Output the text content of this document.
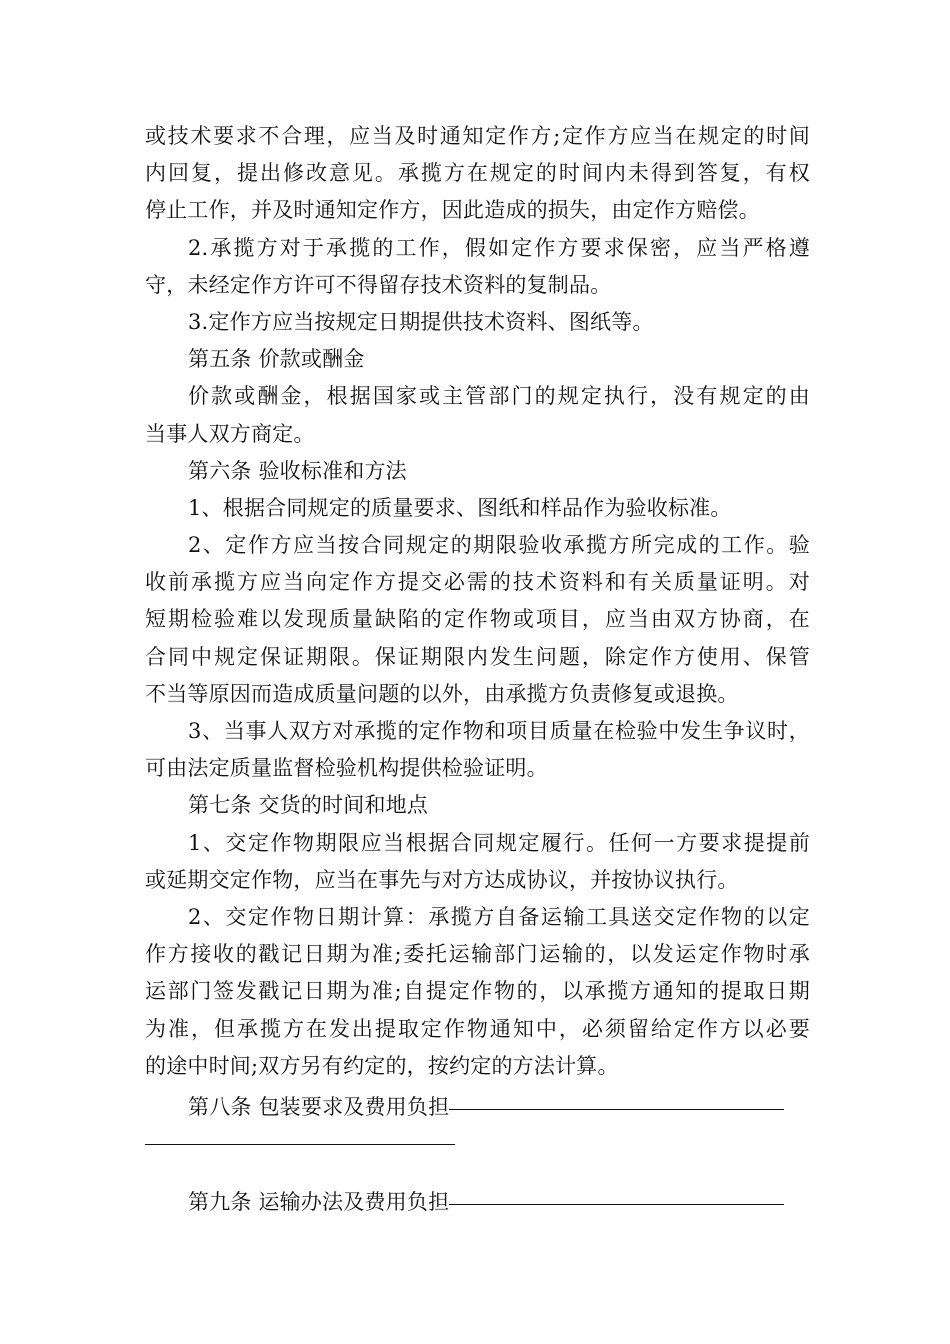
或技术要求不合理，应当及时通知定作方;定作方应当在规定的时间
内回复，提出修改意见。承揽方在规定的时间内未得到答复，有权
停止工作，并及时通知定作方，因此造成的损失，由定作方赔偿。
2.承揽方对于承揽的工作，假如定作方要求保密，应当严格遵
守，未经定作方许可不得留存技术资料的复制品。
3.定作方应当按规定日期提供技术资料、图纸等。
第五条 价款或酬金
价款或酬金，根据国家或主管部门的规定执行，没有规定的由
当事人双方商定。
第六条 验收标准和方法
1、根据合同规定的质量要求、图纸和样品作为验收标准。
2、定作方应当按合同规定的期限验收承揽方所完成的工作。验
收前承揽方应当向定作方提交必需的技术资料和有关质量证明。对
短期检验难以发现质量缺陷的定作物或项目，应当由双方协商，在
合同中规定保证期限。保证期限内发生问题，除定作方使用、保管
不当等原因而造成质量问题的以外，由承揽方负责修复或退换。
3、当事人双方对承揽的定作物和项目质量在检验中发生争议时，
可由法定质量监督检验机构提供检验证明。
第七条 交货的时间和地点
1、交定作物期限应当根据合同规定履行。任何一方要求提提前
或延期交定作物，应当在事先与对方达成协议，并按协议执行。
2、交定作物日期计算：承揽方自备运输工具送交定作物的以定
作方接收的戳记日期为准;委托运输部门运输的，以发运定作物时承
运部门签发戳记日期为准;自提定作物的，以承揽方通知的提取日期
为准，但承揽方在发出提取定作物通知中，必须留给定作方以必要
的途中时间;双方另有约定的，按约定的方法计算。
第八条 包装要求及费用负担
第九条 运输办法及费用负担
